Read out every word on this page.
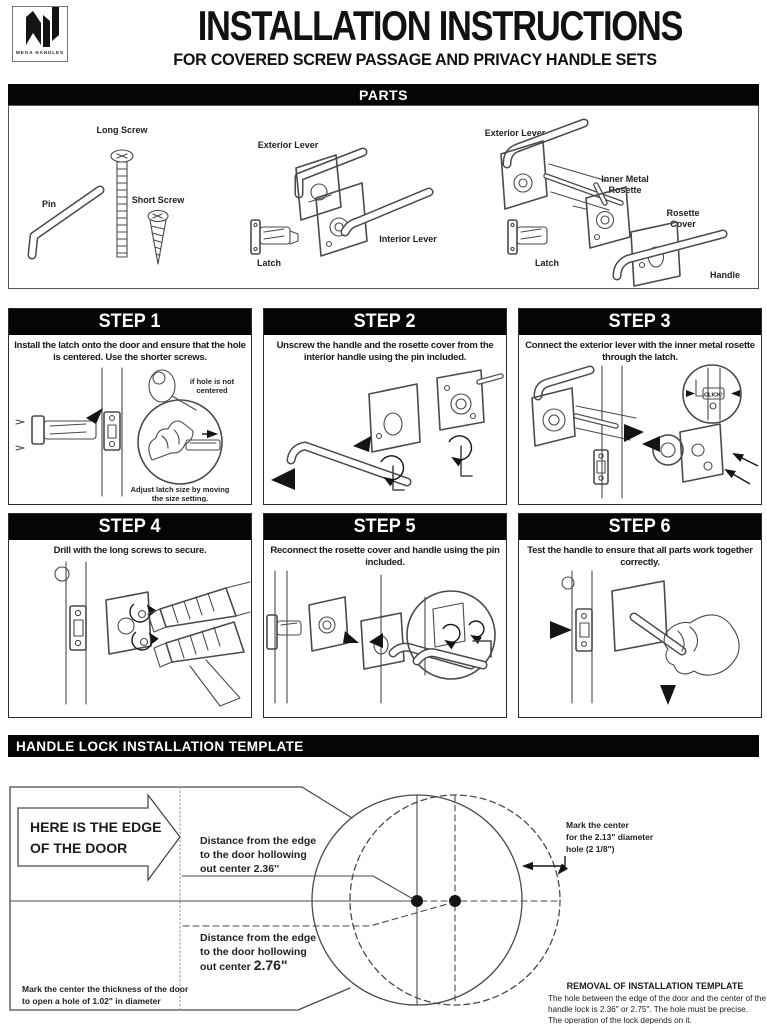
MEGA HANDLES
INSTALLATION INSTRUCTIONS
FOR COVERED SCREW PASSAGE AND PRIVACY HANDLE SETS
PARTS
Pin
Long Screw
Short Screw
Exterior Lever
Interior Lever
Latch
Exterior Lever
Inner Metal
Rosette
Rosette
Cover
Latch
Handle
STEP 1
Install the latch onto the door and ensure that the hole is centered. Use the shorter screws.
if hole is not
centered
Adjust latch size by moving
the size setting.
STEP 2
Unscrew the handle and the rosette cover from the interior handle using the pin included.
STEP 3
Connect the exterior lever with the inner metal rosette through the latch.
CLICK!
STEP 4
Drill with the long screws to secure.
STEP 5
Reconnect the rosette cover and handle using the pin included.
STEP 6
Test the handle to ensure that all parts work together correctly.
HANDLE LOCK INSTALLATION TEMPLATE
HERE IS THE EDGE
OF THE DOOR	Distance from the edge
to the door hollowing
out center 2.36''
Distance from the edge
to the door hollowing
out center 2.76"
Mark the center
for the 2.13" diameter
hole (2 1/8")
Mark the center the thickness of the door
to open a hole of 1.02" in diameter
REMOVAL OF INSTALLATION TEMPLATE
The hole between the edge of the door and the center of the
handle lock is 2.36" or 2.75". The hole must be precise.
The operation of the lock depends on it.
